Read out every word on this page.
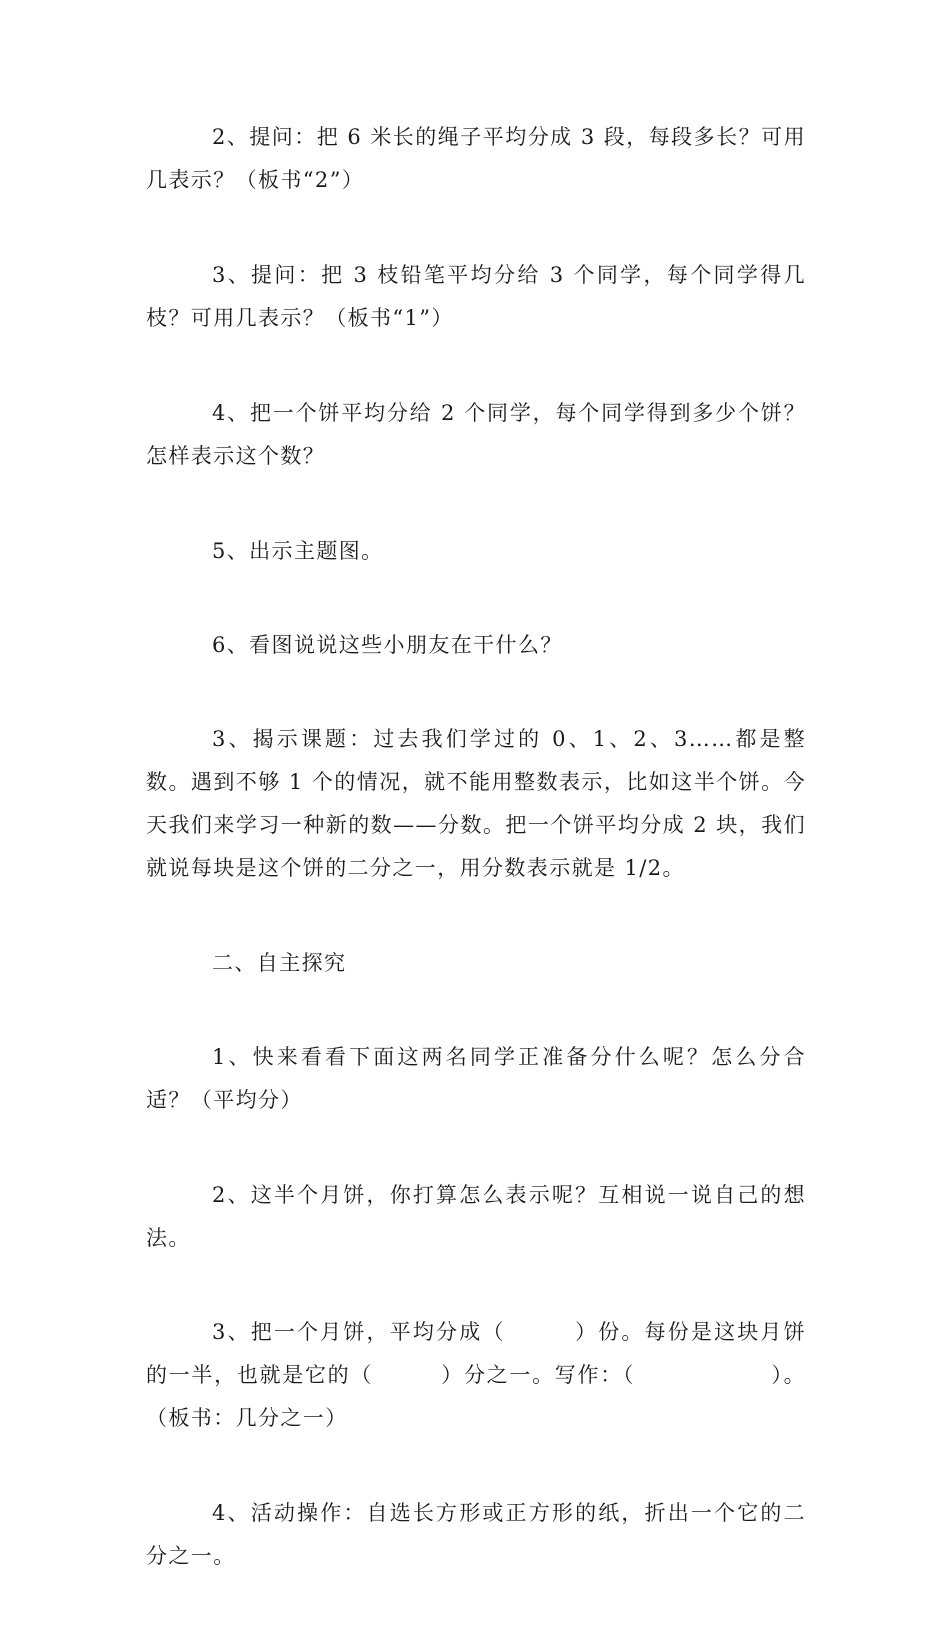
2、提问：把 6 米长的绳子平均分成 3 段，每段多长？可用几表示？（板书“2”）

3、提问：把 3 枝铅笔平均分给 3 个同学，每个同学得几枝？可用几表示？（板书“1”）

4、把一个饼平均分给 2 个同学，每个同学得到多少个饼？怎样表示这个数？

5、出示主题图。

6、看图说说这些小朋友在干什么？

3、揭示课题：过去我们学过的 0、1、2、3……都是整数。遇到不够 1 个的情况，就不能用整数表示，比如这半个饼。今天我们来学习一种新的数——分数。把一个饼平均分成 2 块，我们就说每块是这个饼的二分之一，用分数表示就是 1/2。

二、自主探究

1、快来看看下面这两名同学正准备分什么呢？怎么分合适？（平均分）

2、这半个月饼，你打算怎么表示呢？互相说一说自己的想法。

3、把一个月饼，平均分成（　　　）份。每份是这块月饼的一半，也就是它的（　　　）分之一。写作：（　　　　　　）。（板书：几分之一）

4、活动操作：自选长方形或正方形的纸，折出一个它的二分之一。
